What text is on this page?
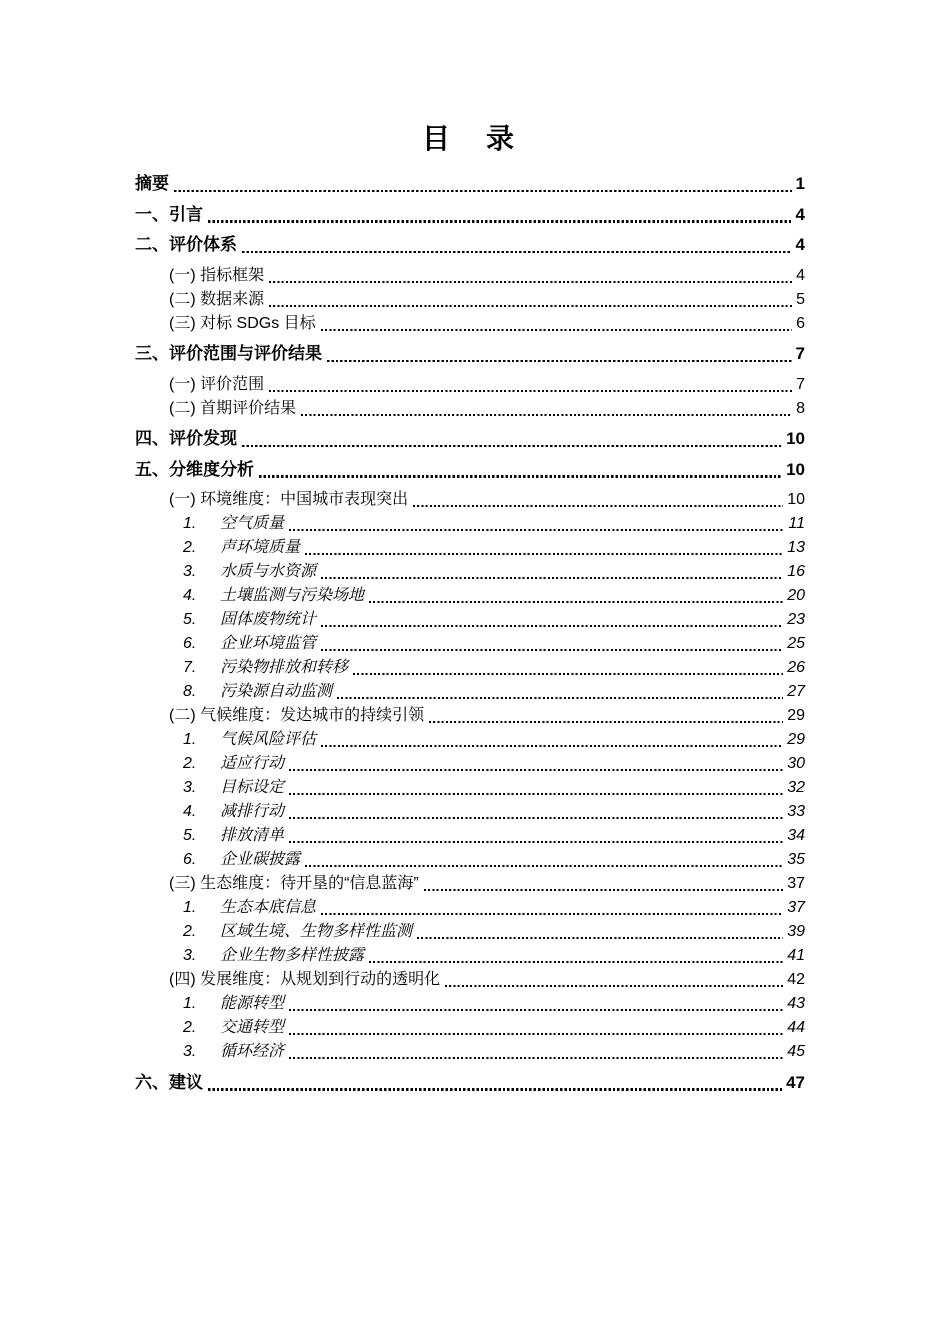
目　录
摘要	1
一、引言	4
二、评价体系	4
(一) 指标框架	4
(二) 数据来源	5
(三) 对标 SDGs 目标	6
三、评价范围与评价结果	7
(一) 评价范围	7
(二) 首期评价结果	8
四、评价发现	10
五、分维度分析	10
(一) 环境维度：中国城市表现突出	10
1.	空气质量	11
2.	声环境质量	13
3.	水质与水资源	16
4.	土壤监测与污染场地	20
5.	固体废物统计	23
6.	企业环境监管	25
7.	污染物排放和转移	26
8.	污染源自动监测	27
(二) 气候维度：发达城市的持续引领	29
1.	气候风险评估	29
2.	适应行动	30
3.	目标设定	32
4.	减排行动	33
5.	排放清单	34
6.	企业碳披露	35
(三) 生态维度：待开垦的“信息蓝海”	37
1.	生态本底信息	37
2.	区域生境、生物多样性监测	39
3.	企业生物多样性披露	41
(四) 发展维度：从规划到行动的透明化	42
1.	能源转型	43
2.	交通转型	44
3.	循环经济	45
六、建议	47
